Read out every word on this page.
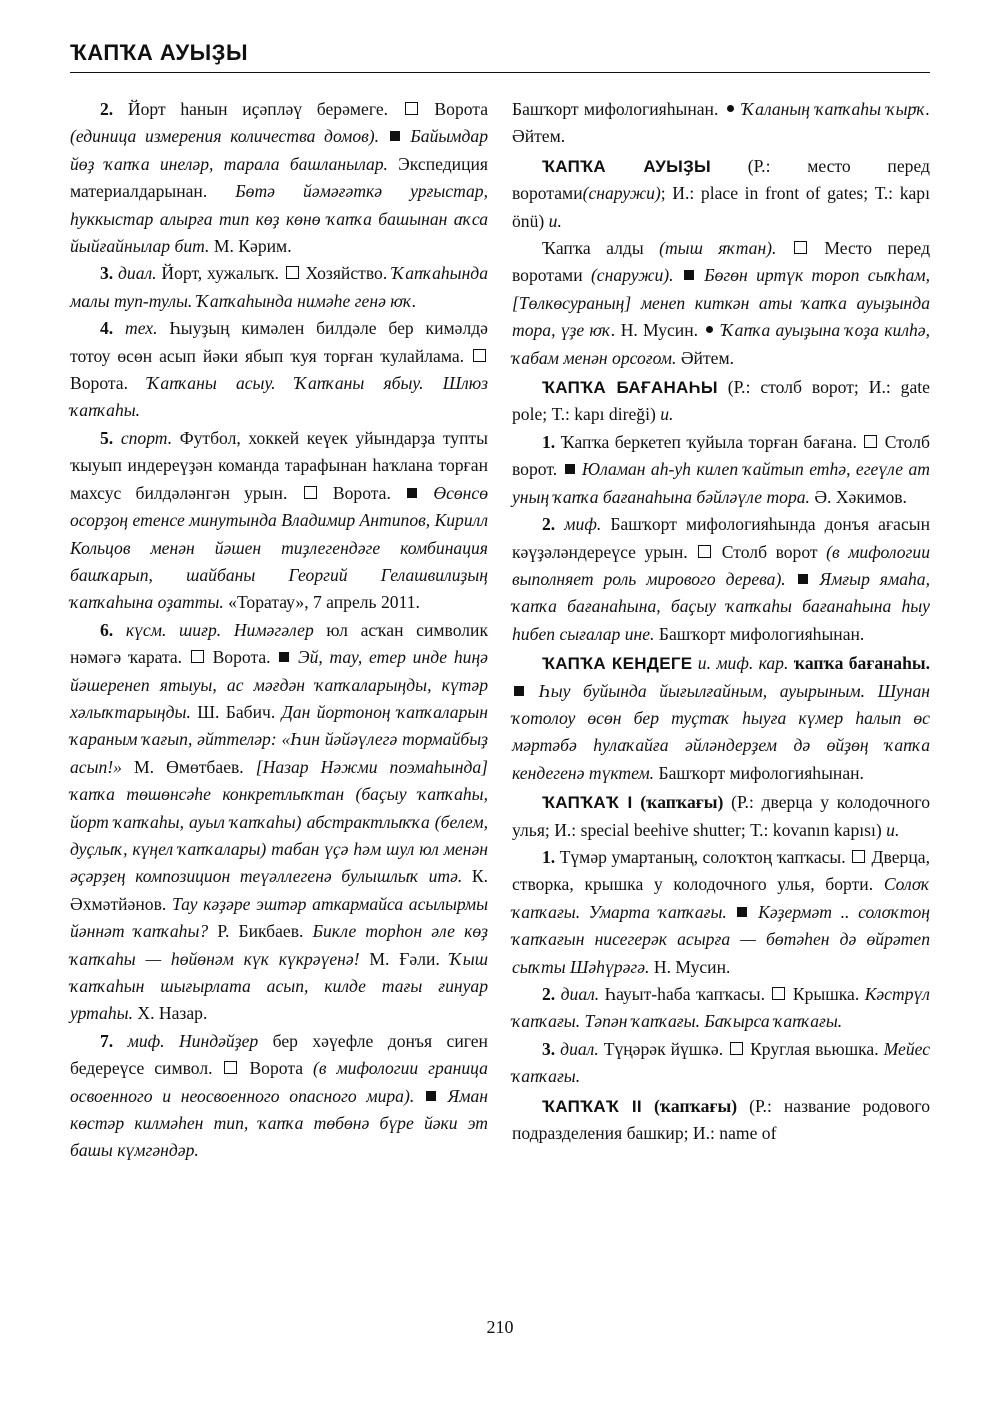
ҠАПҠА АУЫҘЫ

2. Йорт һанын иҫәпләү берәмеге.	Ворота (единица измерения количества домов). Байымдар йөҙ ҡапҡа инеләр, тарала башланылар. Экспедиция материалдарынан. Бөтә йәмәғәткә урғыстар, һуккыстар алырға тип көҙ көнө ҡапҡа башынан аҡса йыйғайнылар бит. М. Кәрим.

3. диал. Йорт, хужалыҡ. Хозяйство. Ҡапҡаһында малы туп-тулы. Ҡапҡаһында нимәһе генә юҡ.

4. тех. Һыуҙың кимәлен билдәле бер кимәлдә тотоу өсөн асып йәки ябып ҡуя торған ҡулайлама.  Ворота. Ҡапҡаны асыу. Ҡапҡаны ябыу. Шлюз ҡапҡаһы.

5. спорт. Футбол, хоккей кеүек уйындарҙа тупты ҡыуып индереүҙән команда тарафынан һаҡлана торған махсус билдәләнгән урын.	Ворота. Өсөнсө осорҙоң етенсе минутында Владимир Антипов, Кирилл Кольцов менән йәшен тиҙлегендәге комбинация башҡарып, шайбаны Георгий Гелашвилиҙың ҡапҡаһына оҙатты. «Торатау», 7 апрель 2011.

6. күсм. шиғр. Нимәгәлер юл асҡан символик нәмәгә ҡарата. Ворота. Эй, тау, етер инде һиңә йәшеренеп ятыуы, ас мәғдән ҡапҡаларыңды, күтәр хәлыҡтарыңды. Ш. Бабич. Дан йортоноң ҡапҡаларын ҡараным ҡағып, әйттеләр: «Һин йәйәүлегә тормайбыҙ асып!» М. Өмөтбаев. [Назар Нәжми поэмаһында] ҡапҡа төшөнсәһе конкретлыҡтан (баҫыу ҡапҡаһы, йорт ҡапҡаһы, ауыл ҡапҡаһы) абстрактлыҡҡа (белем, дуҫлыҡ, күңел ҡапҡалары) табан үҫә һәм шул юл менән әҫәрҙең композицион теүәллегенә булышлыҡ итә. К. Әхмәтйәнов. Тау кәҙәре эштәр аткармайса асылырмы йәннәт ҡапҡаһы? Р. Бикбаев. Бикле торһон әле көҙ ҡапҡаһы — һөйөнәм күк күкрәүенә! М. Ғәли. Ҡыш ҡапҡаһын шығырлата асып, килде тағы ғинуар уртаһы. Х. Назар.

7. миф. Ниндәйҙер бер хәүефле донъя сиген бедереүсе символ. Ворота (в мифологии граница освоенного и неосвоенного опасного мира). Яман көстәр килмәһен тип, ҡапҡа төбөнә бүре йәки эт башы күмгәндәр.

Башҡорт мифологияһынан. Ҡаланың ҡапҡаһы ҡырҡ. Әйтем.

ҠАПҠА АУЫҘЫ (Р.: место перед воротами(снаружи); И.: place in front of gates; Т.: kapı önü) и.

Ҡапҡа алды (тыш яҡтан).	Место перед воротами (снаружи). Бөгөн иртүк тороп сыҡһам, [Төлкөсураның] менеп киткән аты ҡапҡа ауыҙында тора, үҙе юҡ. Н. Мусин. Ҡапҡа ауыҙына ҡоҙа килһә, ҡабам менән орсоғом. Әйтем.

ҠАПҠА БАҒАНАҺЫ (Р.: столб ворот; И.: gate pole; Т.: kapı direği) и.

1. Ҡапҡа беркетеп ҡуйыла торған бағана. Столб ворот. Юламан аһ-уһ килеп ҡайтып етһә, егеүле ат уның ҡапҡа бағанаһына бәйләүле тора. Ә. Хәкимов.

2. миф. Башҡорт мифологияһында донъя ағасын кәүҙәләндереүсе урын. Столб ворот (в мифологии выполняет роль мирового дерева). Ямғыр ямаһа, ҡапҡа бағанаһына, баҫыу ҡапҡаһы бағанаһына һыу һибеп сығалар ине. Башҡорт мифологияһынан.

ҠАПҠА КЕНДЕГЕ и. миф. кар. ҡапҡа бағанаһы.  Һыу буйында йығылғайным, ауырыным. Шунан ҡотолоу өсөн бер туҫтаҡ һыуға күмер һалып өс мәртәбә һулаҡайға әйләндерҙем дә өйҙөң ҡапҡа кендегенә түктем. Башҡорт мифологияһынан.

ҠАПҠАҠ I (ҡапҡағы) (Р.: дверца у колодочного улья; И.: special beehive shutter; Т.: kovanın kapısı) и.

1. Түмәр умартаның, солоҡтоң ҡапҡасы. Дверца, створка, крышка у колодочного улья, борти. Солоҡ ҡапҡағы. Умарта ҡапҡағы. Кәҙермәт .. солоҡтоң ҡапҡағын нисегерәк асырға — бөтәһен дә өйрәтеп сыҡты Шәһүрәгә. Н. Мусин.

2. диал. Һауыт-һаба ҡапҡасы. Крышка. Кәстрүл ҡапҡағы. Тәпән ҡапҡағы. Баҡырса ҡапҡағы.

3. диал. Түңәрәк йүшкә. Круглая вьюшка. Мейес ҡапҡағы.

ҠАПҠАҠ II (ҡапҡағы) (Р.: название родового подразделения башкир; И.: name of

210
